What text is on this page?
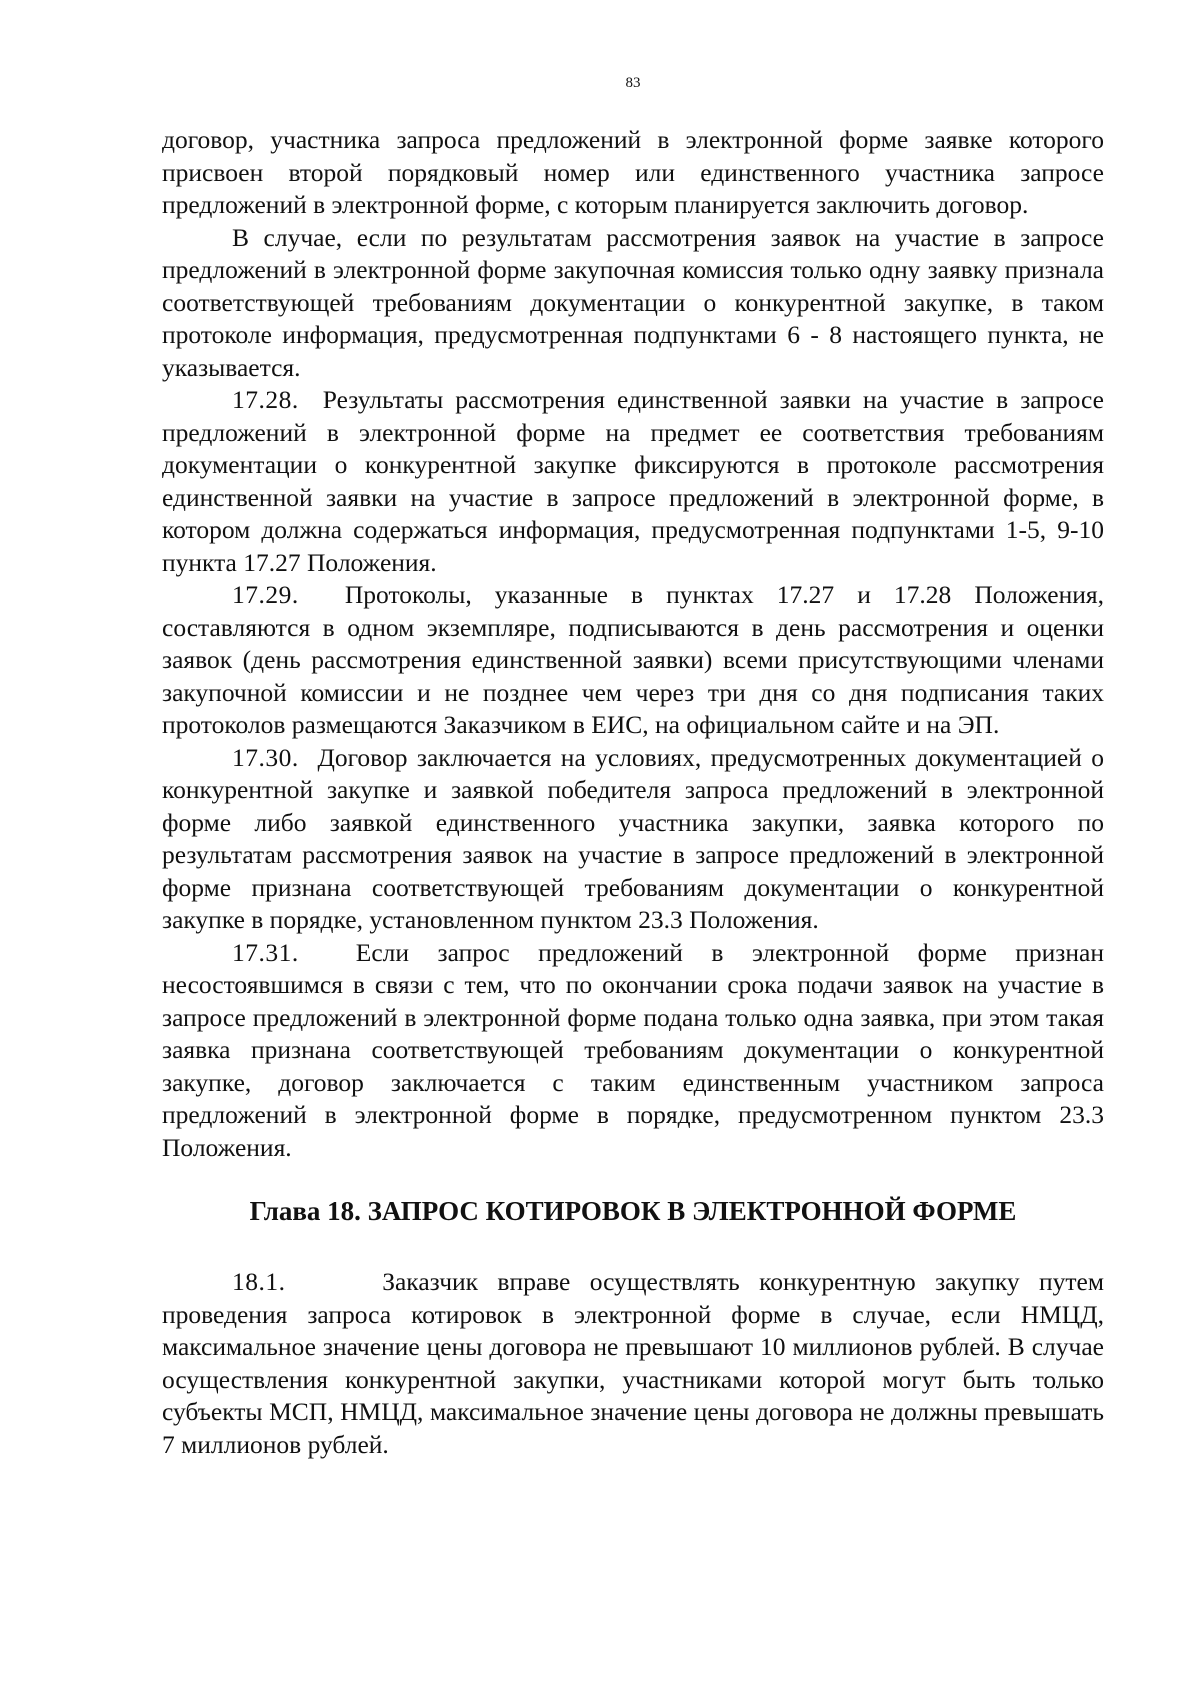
83

договор, участника запроса предложений в электронной форме заявке которого присвоен второй порядковый номер или единственного участника запросе предложений в электронной форме, с которым планируется заключить договор.

В случае, если по результатам рассмотрения заявок на участие в запросе предложений в электронной форме закупочная комиссия только одну заявку признала соответствующей требованиям документации о конкурентной закупке, в таком протоколе информация, предусмотренная подпунктами 6 - 8 настоящего пункта, не указывается.

17.28. Результаты рассмотрения единственной заявки на участие в запросе предложений в электронной форме на предмет ее соответствия требованиям документации о конкурентной закупке фиксируются в протоколе рассмотрения единственной заявки на участие в запросе предложений в электронной форме, в котором должна содержаться информация, предусмотренная подпунктами 1-5, 9-10 пункта 17.27 Положения.

17.29. Протоколы, указанные в пунктах 17.27 и 17.28 Положения, составляются в одном экземпляре, подписываются в день рассмотрения и оценки заявок (день рассмотрения единственной заявки) всеми присутствующими членами закупочной комиссии и не позднее чем через три дня со дня подписания таких протоколов размещаются Заказчиком в ЕИС, на официальном сайте и на ЭП.

17.30. Договор заключается на условиях, предусмотренных документацией о конкурентной закупке и заявкой победителя запроса предложений в электронной форме либо заявкой единственного участника закупки, заявка которого по результатам рассмотрения заявок на участие в запросе предложений в электронной форме признана соответствующей требованиям документации о конкурентной закупке в порядке, установленном пунктом 23.3 Положения.

17.31. Если запрос предложений в электронной форме признан несостоявшимся в связи с тем, что по окончании срока подачи заявок на участие в запросе предложений в электронной форме подана только одна заявка, при этом такая заявка признана соответствующей требованиям документации о конкурентной закупке, договор заключается с таким единственным участником запроса предложений в электронной форме в порядке, предусмотренном пунктом 23.3 Положения.

Глава 18. ЗАПРОС КОТИРОВОК В ЭЛЕКТРОННОЙ ФОРМЕ

18.1.	Заказчик вправе осуществлять конкурентную закупку путем проведения запроса котировок в электронной форме в случае, если НМЦД, максимальное значение цены договора не превышают 10 миллионов рублей. В случае осуществления конкурентной закупки, участниками которой могут быть только субъекты МСП, НМЦД, максимальное значение цены договора не должны превышать 7 миллионов рублей.
